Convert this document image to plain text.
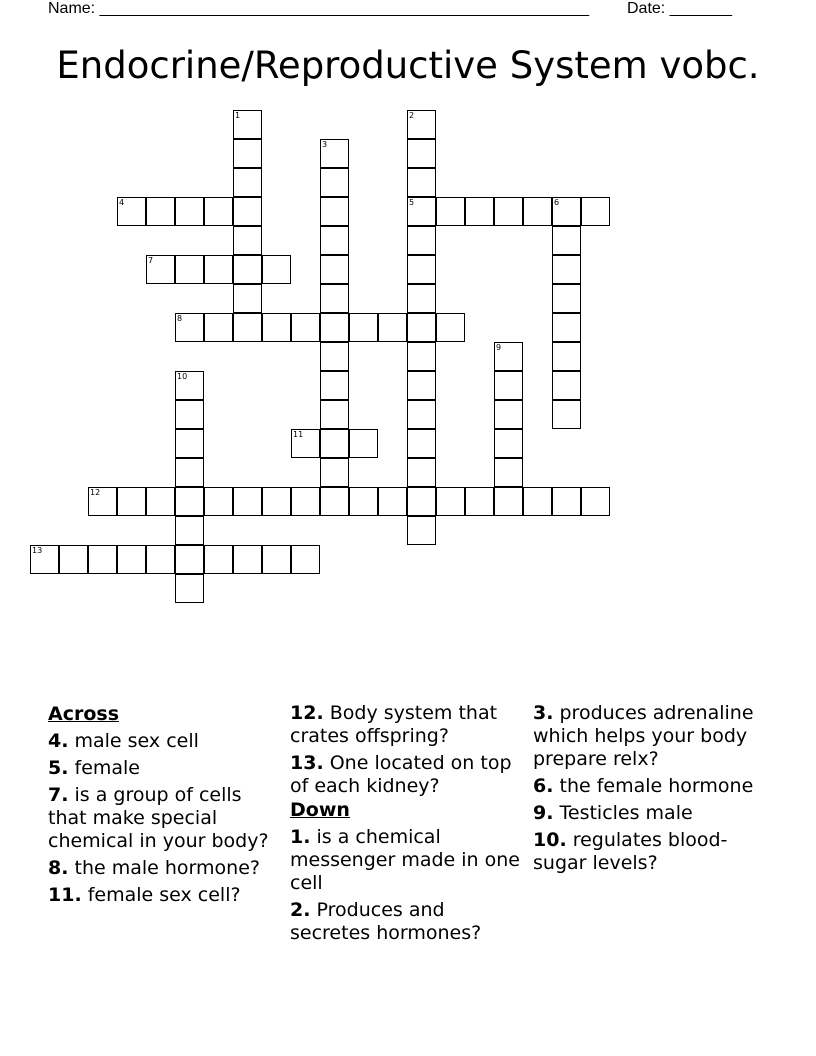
Name: _______________________________________________________ Date: _______
Endocrine/Reproductive System vobc.
1
3
2
5
4	6
7
8
9
10
11
12
13
Across
4. male sex cell
5. female
7. is a group of cells that make special chemical in your body?
8. the male hormone?
11. female sex cell?
12. Body system that crates offspring?
13. One located on top of each kidney?
Down
1. is a chemical messenger made in one cell
2. Produces and secretes hormones?
3. produces adrenaline which helps your body prepare relx?
6. the female hormone
9. Testicles male
10. regulates blood-sugar levels?
